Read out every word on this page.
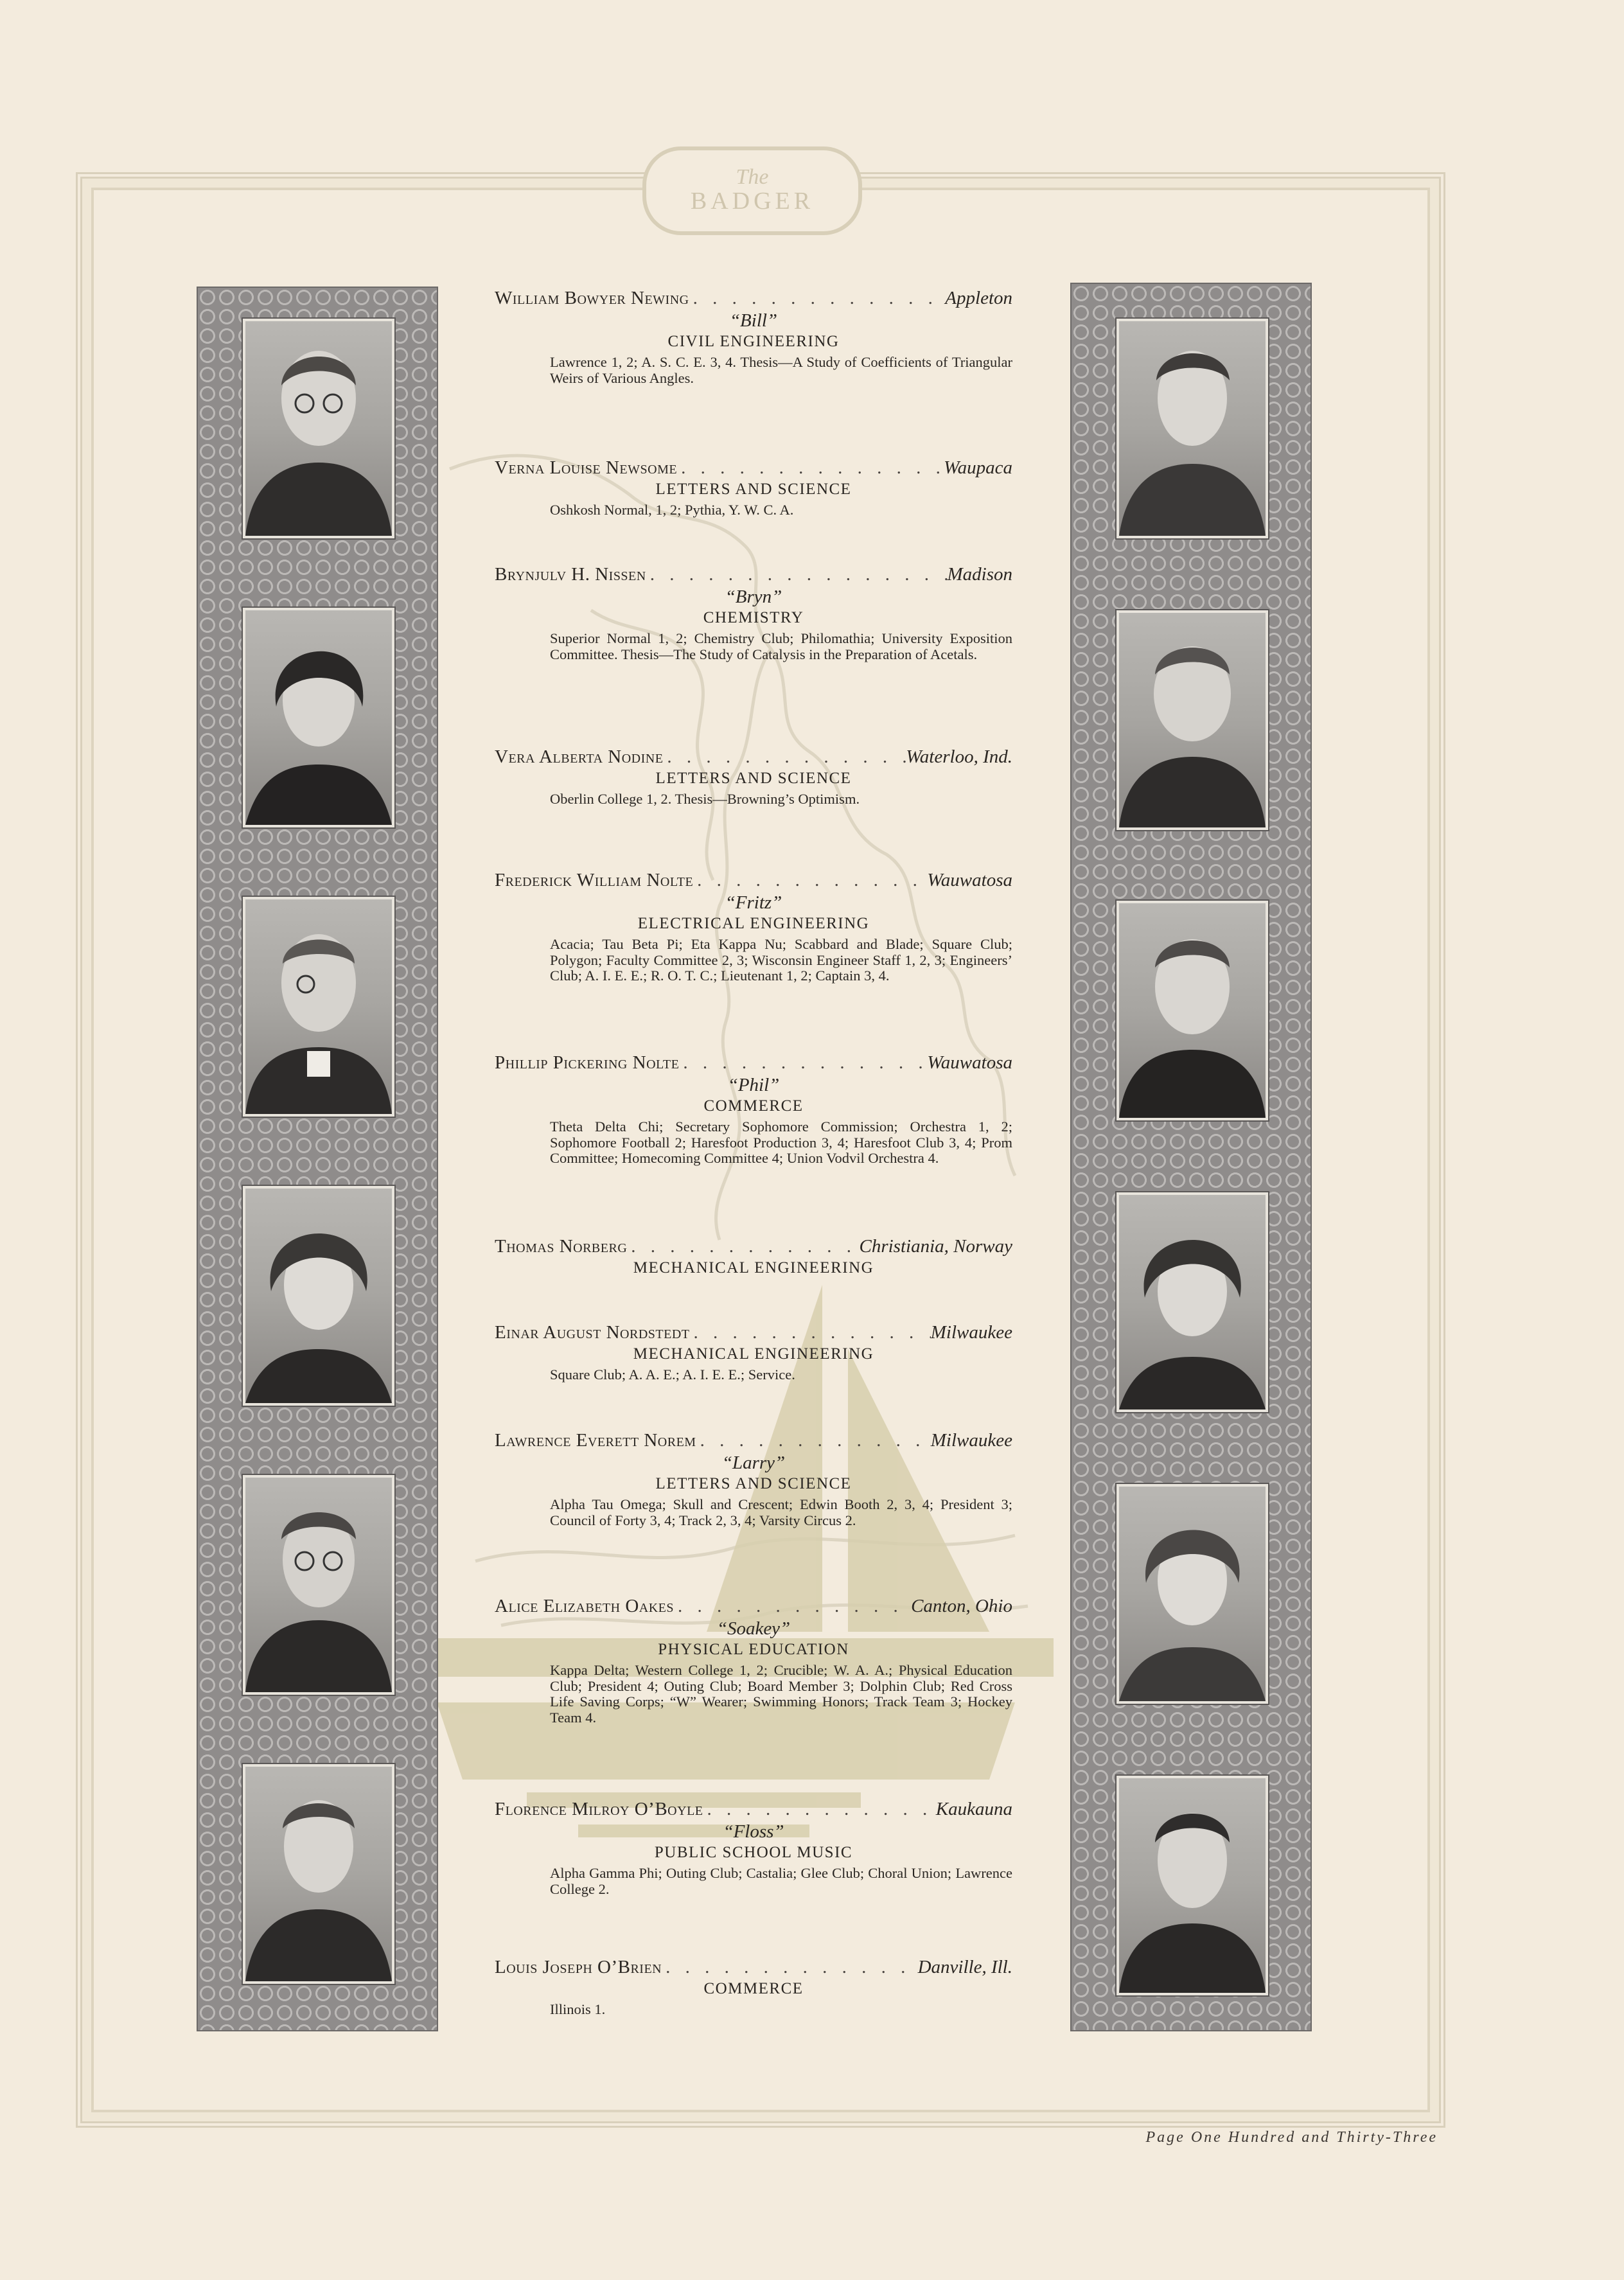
The
BADGER
William Bowyer Newing . . .	Appleton
“Bill”
CIVIL ENGINEERING
Lawrence 1, 2; A. S. C. E. 3, 4. Thesis—A Study of Coefficients of Triangular Weirs of Various Angles.
Verna Louise Newsome . . .	Waupaca
LETTERS AND SCIENCE
Oshkosh Normal, 1, 2; Pythia, Y. W. C. A.
Brynjulv H. Nissen . . .	Madison
“Bryn”
CHEMISTRY
Superior Normal 1, 2; Chemistry Club; Philomathia; University Exposition Committee. Thesis—The Study of Catalysis in the Preparation of Acetals.
Vera Alberta Nodine . . .	Waterloo, Ind.
LETTERS AND SCIENCE
Oberlin College 1, 2. Thesis—Browning’s Optimism.
Frederick William Nolte . . .	Wauwatosa
“Fritz”
ELECTRICAL ENGINEERING
Acacia; Tau Beta Pi; Eta Kappa Nu; Scabbard and Blade; Square Club; Polygon; Faculty Committee 2, 3; Wisconsin Engineer Staff 1, 2, 3; Engineers’ Club; A. I. E. E.; R. O. T. C.; Lieutenant 1, 2; Captain 3, 4.
Phillip Pickering Nolte . . .	Wauwatosa
“Phil”
COMMERCE
Theta Delta Chi; Secretary Sophomore Commission; Orchestra 1, 2; Sophomore Football 2; Haresfoot Production 3, 4; Haresfoot Club 3, 4; Prom Committee; Homecoming Committee 4; Union Vodvil Orchestra 4.
Thomas Norberg . . .	Christiania, Norway
MECHANICAL ENGINEERING
Einar August Nordstedt . . .	Milwaukee
MECHANICAL ENGINEERING
Square Club; A. A. E.; A. I. E. E.; Service.
Lawrence Everett Norem . . .	Milwaukee
“Larry”
LETTERS AND SCIENCE
Alpha Tau Omega; Skull and Crescent; Edwin Booth 2, 3, 4; President 3; Council of Forty 3, 4; Track 2, 3, 4; Varsity Circus 2.
Alice Elizabeth Oakes . . .	Canton, Ohio
“Soakey”
PHYSICAL EDUCATION
Kappa Delta; Western College 1, 2; Crucible; W. A. A.; Physical Education Club; President 4; Outing Club; Board Member 3; Dolphin Club; Red Cross Life Saving Corps; “W” Wearer; Swimming Honors; Track Team 3; Hockey Team 4.
Florence Milroy O’Boyle . . .	Kaukauna
“Floss”
PUBLIC SCHOOL MUSIC
Alpha Gamma Phi; Outing Club; Castalia; Glee Club; Choral Union; Lawrence College 2.
Louis Joseph O’Brien . . .	Danville, Ill.
COMMERCE
Illinois 1.
Page One Hundred and Thirty-Three
